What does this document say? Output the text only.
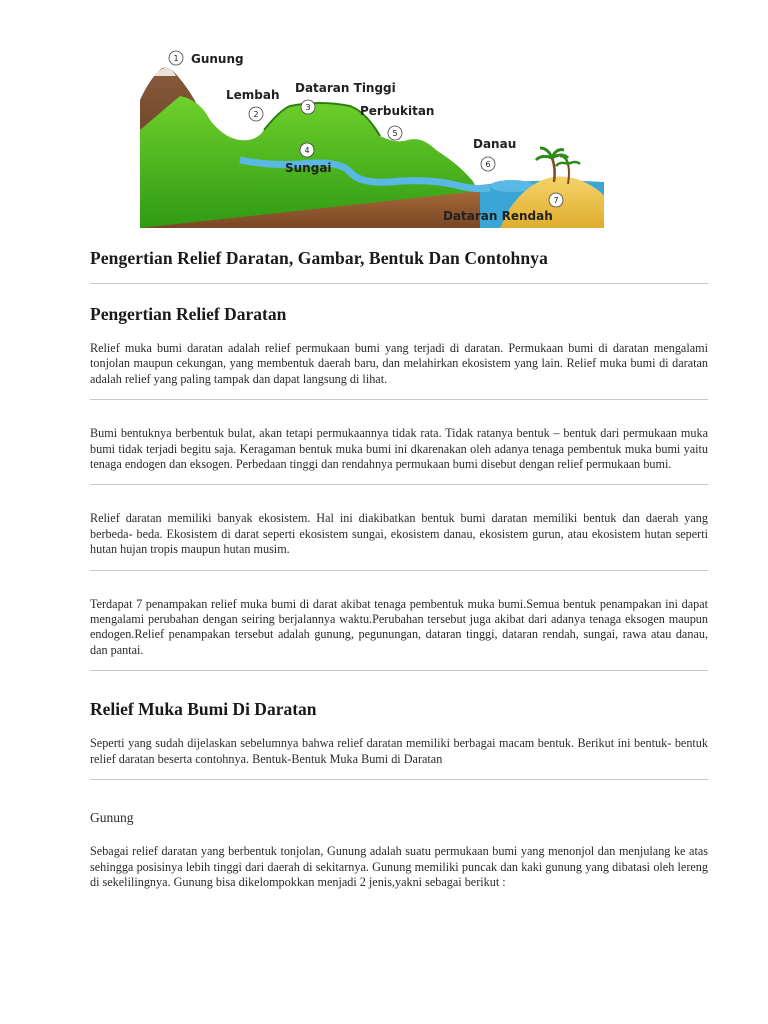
1
2
3
4
5
6
7
Gunung
Lembah Dataran Tinggi
Perbukitan
Sungai
Danau
Dataran Rendah
Pengertian Relief Daratan, Gambar, Bentuk Dan Contohnya
Pengertian Relief Daratan

Relief muka bumi daratan adalah relief permukaan bumi yang terjadi di daratan. Permukaan bumi di daratan mengalami tonjolan maupun cekungan, yang membentuk daerah baru, dan melahirkan ekosistem yang lain. Relief muka bumi di daratan adalah relief yang paling tampak dan dapat langsung di lihat.

Bumi bentuknya berbentuk bulat, akan tetapi permukaannya tidak rata. Tidak ratanya bentuk – bentuk dari permukaan muka bumi tidak terjadi begitu saja. Keragaman bentuk muka bumi ini dkarenakan oleh adanya tenaga pembentuk muka bumi yaitu tenaga endogen dan eksogen. Perbedaan tinggi dan rendahnya permukaan bumi disebut dengan relief permukaan bumi.

Relief daratan memiliki banyak ekosistem. Hal ini diakibatkan bentuk bumi daratan memiliki bentuk dan daerah yang berbeda- beda. Ekosistem di darat seperti ekosistem sungai, ekosistem danau, ekosistem gurun, atau ekosistem hutan seperti hutan hujan tropis maupun hutan musim.

Terdapat 7 penampakan relief muka bumi di darat akibat tenaga pembentuk muka bumi.Semua bentuk penampakan ini dapat mengalami perubahan dengan seiring berjalannya waktu.Perubahan tersebut juga akibat dari adanya tenaga eksogen maupun endogen.Relief penampakan tersebut adalah gunung, pegunungan, dataran tinggi, dataran rendah, sungai, rawa atau danau, dan pantai.

Relief Muka Bumi Di Daratan

Seperti yang sudah dijelaskan sebelumnya bahwa relief daratan memiliki berbagai macam bentuk. Berikut ini bentuk- bentuk relief daratan beserta contohnya. Bentuk-Bentuk Muka Bumi di Daratan

Gunung

Sebagai relief daratan yang berbentuk tonjolan, Gunung adalah suatu permukaan bumi yang menonjol dan menjulang ke atas sehingga posisinya lebih tinggi dari daerah di sekitarnya. Gunung memiliki puncak dan kaki gunung yang dibatasi oleh lereng di sekelilingnya. Gunung bisa dikelompokkan menjadi 2 jenis,yakni sebagai berikut :
